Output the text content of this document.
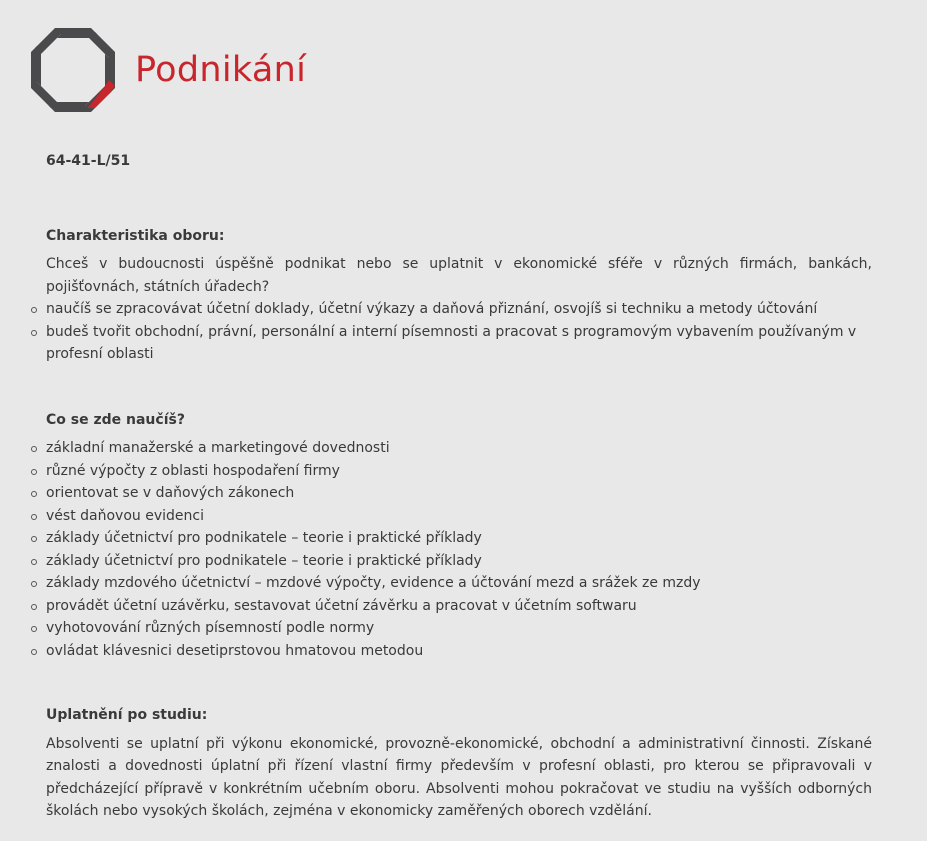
Podnikání
64-41-L/51
Charakteristika oboru:

Chceš v budoucnosti úspěšně podnikat nebo se uplatnit v ekonomické sféře v různých firmách, bankách, pojišťovnách, státních úřadech?

naučíš se zpracovávat účetní doklady, účetní výkazy a daňová přiznání, osvojíš si techniku a metody účtování
budeš tvořit obchodní, právní, personální a interní písemnosti a pracovat s programovým vybavením používaným v profesní oblasti
Co se zde naučíš?
základní manažerské a marketingové dovednosti
různé výpočty z oblasti hospodaření firmy
orientovat se v daňových zákonech
vést daňovou evidenci
základy účetnictví pro podnikatele – teorie i praktické příklady
základy účetnictví pro podnikatele – teorie i praktické příklady
základy mzdového účetnictví – mzdové výpočty, evidence a účtování mezd a srážek ze mzdy
provádět účetní uzávěrku, sestavovat účetní závěrku a pracovat v účetním softwaru
vyhotovování různých písemností podle normy
ovládat klávesnici desetiprstovou hmatovou metodou
Uplatnění po studiu:

Absolventi se uplatní při výkonu ekonomické, provozně-ekonomické, obchodní a administrativní činnosti. Získané znalosti a dovednosti úplatní při řízení vlastní firmy především v profesní oblasti, pro kterou se připravovali v předcházející přípravě v konkrétním učebním oboru. Absolventi mohou pokračovat ve studiu na vyšších odborných školách nebo vysokých školách, zejména v ekonomicky zaměřených oborech vzdělání.
